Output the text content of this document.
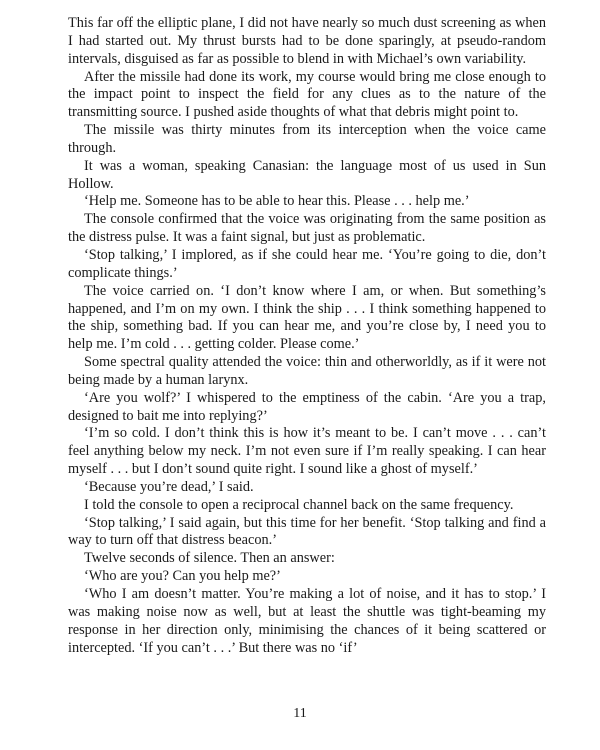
This far off the elliptic plane, I did not have nearly so much dust screening as when I had started out. My thrust bursts had to be done sparingly, at pseudo-random intervals, disguised as far as possible to blend in with Michael’s own variability.

After the missile had done its work, my course would bring me close enough to the impact point to inspect the field for any clues as to the nature of the transmitting source. I pushed aside thoughts of what that debris might point to.

The missile was thirty minutes from its interception when the voice came through.

It was a woman, speaking Canasian: the language most of us used in Sun Hollow.

‘Help me. Someone has to be able to hear this. Please . . . help me.’

The console confirmed that the voice was originating from the same position as the distress pulse. It was a faint signal, but just as problematic.

‘Stop talking,’ I implored, as if she could hear me. ‘You’re going to die, don’t complicate things.’

The voice carried on. ‘I don’t know where I am, or when. But something’s happened, and I’m on my own. I think the ship . . . I think something happened to the ship, something bad. If you can hear me, and you’re close by, I need you to help me. I’m cold . . . getting colder. Please come.’

Some spectral quality attended the voice: thin and otherworldly, as if it were not being made by a human larynx.

‘Are you wolf?’ I whispered to the emptiness of the cabin. ‘Are you a trap, designed to bait me into replying?’

‘I’m so cold. I don’t think this is how it’s meant to be. I can’t move . . . can’t feel anything below my neck. I’m not even sure if I’m really speaking. I can hear myself . . . but I don’t sound quite right. I sound like a ghost of myself.’

‘Because you’re dead,’ I said.

I told the console to open a reciprocal channel back on the same frequency.

‘Stop talking,’ I said again, but this time for her benefit. ‘Stop talking and find a way to turn off that distress beacon.’

Twelve seconds of silence. Then an answer:

‘Who are you? Can you help me?’

‘Who I am doesn’t matter. You’re making a lot of noise, and it has to stop.’ I was making noise now as well, but at least the shuttle was tight-beaming my response in her direction only, minimising the chances of it being scattered or intercepted. ‘If you can’t . . .’ But there was no ‘if’

11
